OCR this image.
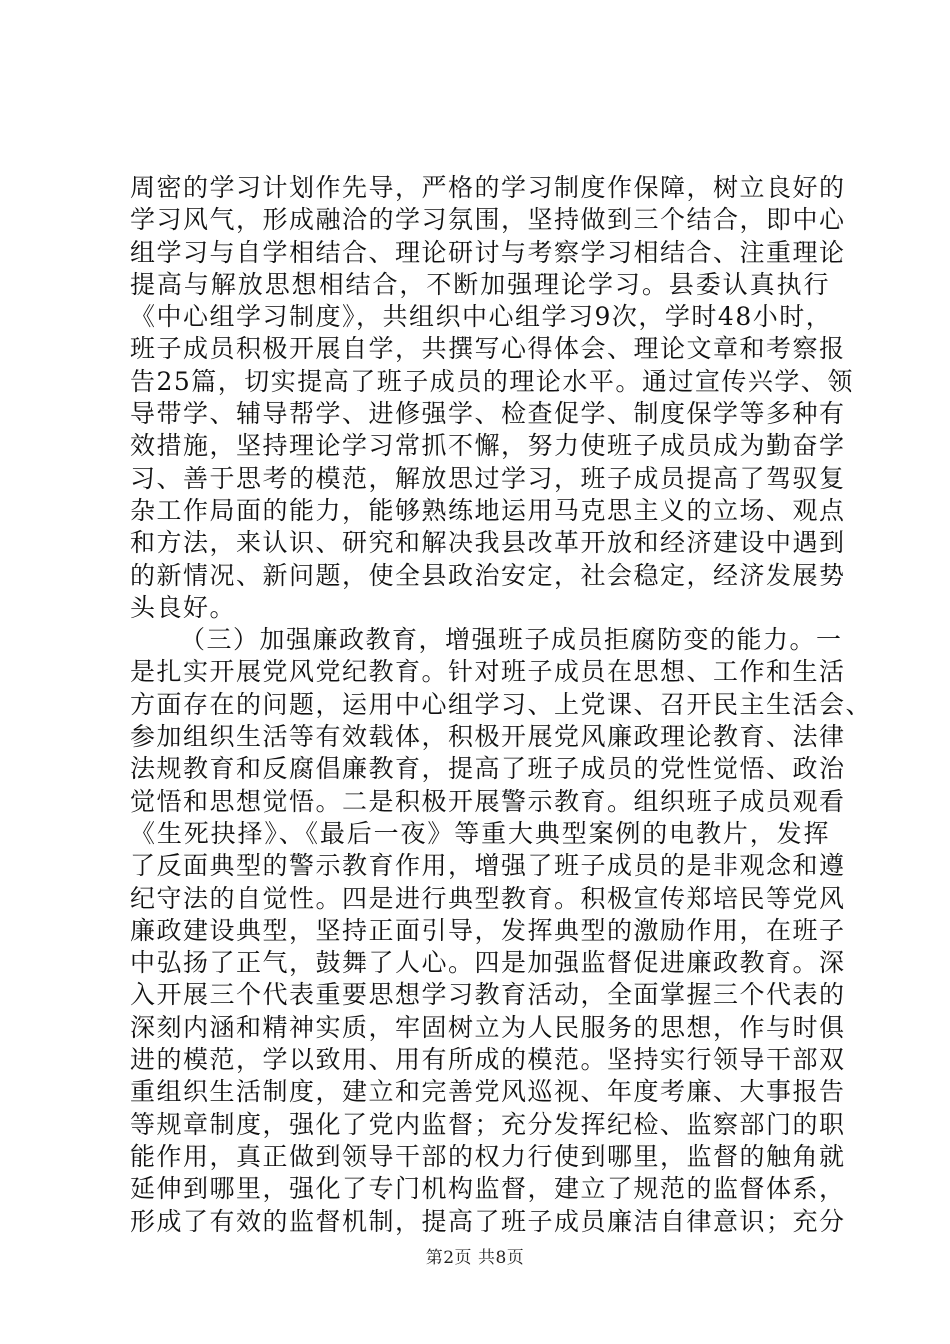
周密的学习计划作先导，严格的学习制度作保障，树立良好的
学习风气，形成融洽的学习氛围，坚持做到三个结合，即中心
组学习与自学相结合、理论研讨与考察学习相结合、注重理论
提高与解放思想相结合，不断加强理论学习。县委认真执行
《中心组学习制度》，共组织中心组学习9次，学时48小时，
班子成员积极开展自学，共撰写心得体会、理论文章和考察报
告25篇，切实提高了班子成员的理论水平。通过宣传兴学、领
导带学、辅导帮学、进修强学、检查促学、制度保学等多种有
效措施，坚持理论学习常抓不懈，努力使班子成员成为勤奋学
习、善于思考的模范，解放思过学习，班子成员提高了驾驭复
杂工作局面的能力，能够熟练地运用马克思主义的立场、观点
和方法，来认识、研究和解决我县改革开放和经济建设中遇到
的新情况、新问题，使全县政治安定，社会稳定，经济发展势
头良好。
（三）加强廉政教育，增强班子成员拒腐防变的能力。一
是扎实开展党风党纪教育。针对班子成员在思想、工作和生活
方面存在的问题，运用中心组学习、上党课、召开民主生活会、
参加组织生活等有效载体，积极开展党风廉政理论教育、法律
法规教育和反腐倡廉教育，提高了班子成员的党性觉悟、政治
觉悟和思想觉悟。二是积极开展警示教育。组织班子成员观看
《生死抉择》、《最后一夜》等重大典型案例的电教片，发挥
了反面典型的警示教育作用，增强了班子成员的是非观念和遵
纪守法的自觉性。四是进行典型教育。积极宣传郑培民等党风
廉政建设典型，坚持正面引导，发挥典型的激励作用，在班子
中弘扬了正气，鼓舞了人心。四是加强监督促进廉政教育。深
入开展三个代表重要思想学习教育活动，全面掌握三个代表的
深刻内涵和精神实质，牢固树立为人民服务的思想，作与时俱
进的模范，学以致用、用有所成的模范。坚持实行领导干部双
重组织生活制度，建立和完善党风巡视、年度考廉、大事报告
等规章制度，强化了党内监督；充分发挥纪检、监察部门的职
能作用，真正做到领导干部的权力行使到哪里，监督的触角就
延伸到哪里，强化了专门机构监督，建立了规范的监督体系，
形成了有效的监督机制，提高了班子成员廉洁自律意识；充分
第2页 共8页
